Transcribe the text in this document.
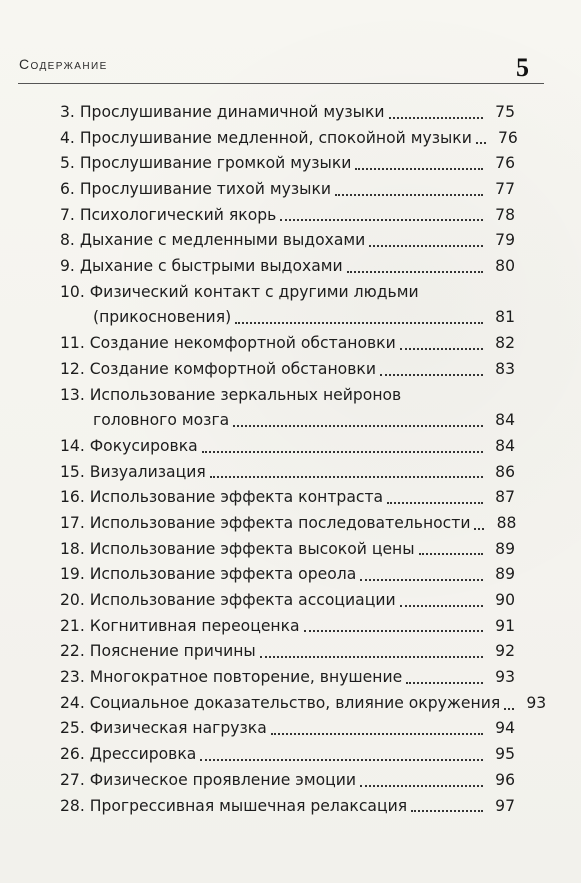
Содержание	5
3. Прослушивание динамичной музыки	75
4. Прослушивание медленной, спокойной музыки	76
5. Прослушивание громкой музыки	76
6. Прослушивание тихой музыки	77
7. Психологический якорь	78
8. Дыхание с медленными выдохами	79
9. Дыхание с быстрыми выдохами	80
10. Физический контакт с другими людьми
(прикосновения)	81
11. Создание некомфортной обстановки	82
12. Создание комфортной обстановки	83
13. Использование зеркальных нейронов
головного мозга	84
14. Фокусировка	84
15. Визуализация	86
16. Использование эффекта контраста	87
17. Использование эффекта последовательности	88
18. Использование эффекта высокой цены	89
19. Использование эффекта ореола	89
20. Использование эффекта ассоциации	90
21. Когнитивная переоценка	91
22. Пояснение причины	92
23. Многократное повторение, внушение	93
24. Социальное доказательство, влияние окружения	93
25. Физическая нагрузка	94
26. Дрессировка	95
27. Физическое проявление эмоции	96
28. Прогрессивная мышечная релаксация	97
